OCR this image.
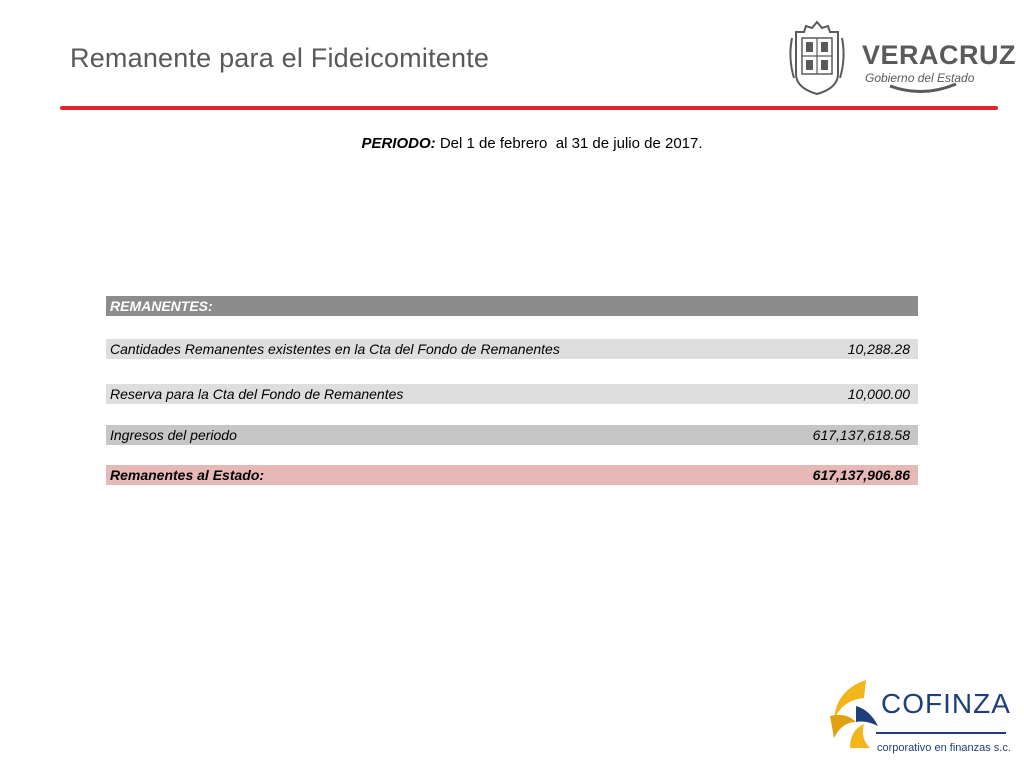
Remanente para el Fideicomitente	VERACRUZ
Gobierno del Estado
PERIODO: Del 1 de febrero  al 31 de julio de 2017.
REMANENTES:
Cantidades Remanentes existentes en la Cta del Fondo de Remanentes	10,288.28
Reserva para la Cta del Fondo de Remanentes	10,000.00
Ingresos del periodo	617,137,618.58
Remanentes al Estado:	617,137,906.86
COFINZA
corporativo en finanzas s.c.
